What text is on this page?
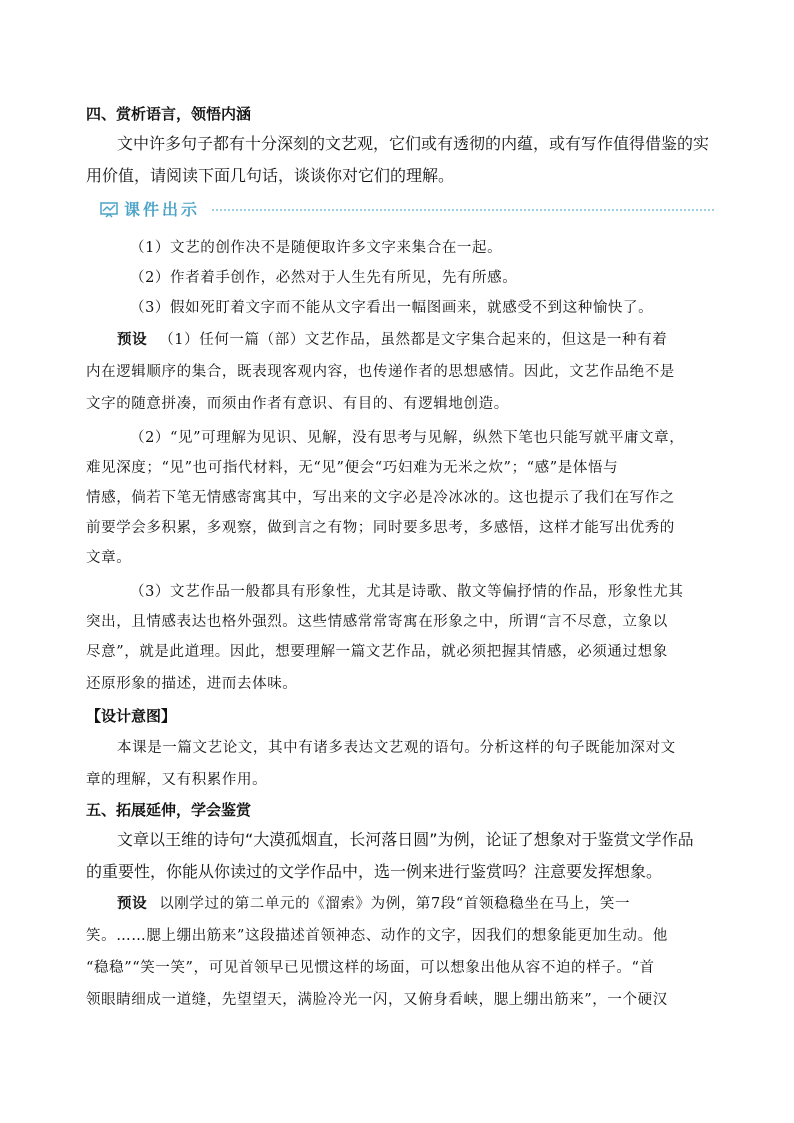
四、赏析语言，领悟内涵
文中许多句子都有十分深刻的文艺观，它们或有透彻的内蕴，或有写作值得借鉴的实
用价值，请阅读下面几句话，谈谈你对它们的理解。
课件出示
（1）文艺的创作决不是随便取许多文字来集合在一起。
（2）作者着手创作，必然对于人生先有所见，先有所感。
（3）假如死盯着文字而不能从文字看出一幅图画来，就感受不到这种愉快了。
预设 （1）任何一篇（部）文艺作品，虽然都是文字集合起来的，但这是一种有着
内在逻辑顺序的集合，既表现客观内容，也传递作者的思想感情。因此，文艺作品绝不是
文字的随意拼凑，而须由作者有意识、有目的、有逻辑地创造。
（2）“见”可理解为见识、见解，没有思考与见解，纵然下笔也只能写就平庸文章，
难见深度；“见”也可指代材料，无“见”便会“巧妇难为无米之炊”；“感”是体悟与
情感，倘若下笔无情感寄寓其中，写出来的文字必是冷冰冰的。这也提示了我们在写作之
前要学会多积累，多观察，做到言之有物；同时要多思考，多感悟，这样才能写出优秀的
文章。
（3）文艺作品一般都具有形象性，尤其是诗歌、散文等偏抒情的作品，形象性尤其
突出，且情感表达也格外强烈。这些情感常常寄寓在形象之中，所谓“言不尽意，立象以
尽意”，就是此道理。因此，想要理解一篇文艺作品，就必须把握其情感，必须通过想象
还原形象的描述，进而去体味。
【设计意图】
本课是一篇文艺论文，其中有诸多表达文艺观的语句。分析这样的句子既能加深对文
章的理解，又有积累作用。
五、拓展延伸，学会鉴赏
文章以王维的诗句“大漠孤烟直，长河落日圆”为例，论证了想象对于鉴赏文学作品
的重要性，你能从你读过的文学作品中，选一例来进行鉴赏吗？注意要发挥想象。
预设 以刚学过的第二单元的《溜索》为例，第7段“首领稳稳坐在马上，笑一
笑。……腮上绷出筋来”这段描述首领神态、动作的文字，因我们的想象能更加生动。他
“稳稳”“笑一笑”，可见首领早已见惯这样的场面，可以想象出他从容不迫的样子。“首
领眼睛细成一道缝，先望望天，满脸冷光一闪，又俯身看峡，腮上绷出筋来”，一个硬汉
